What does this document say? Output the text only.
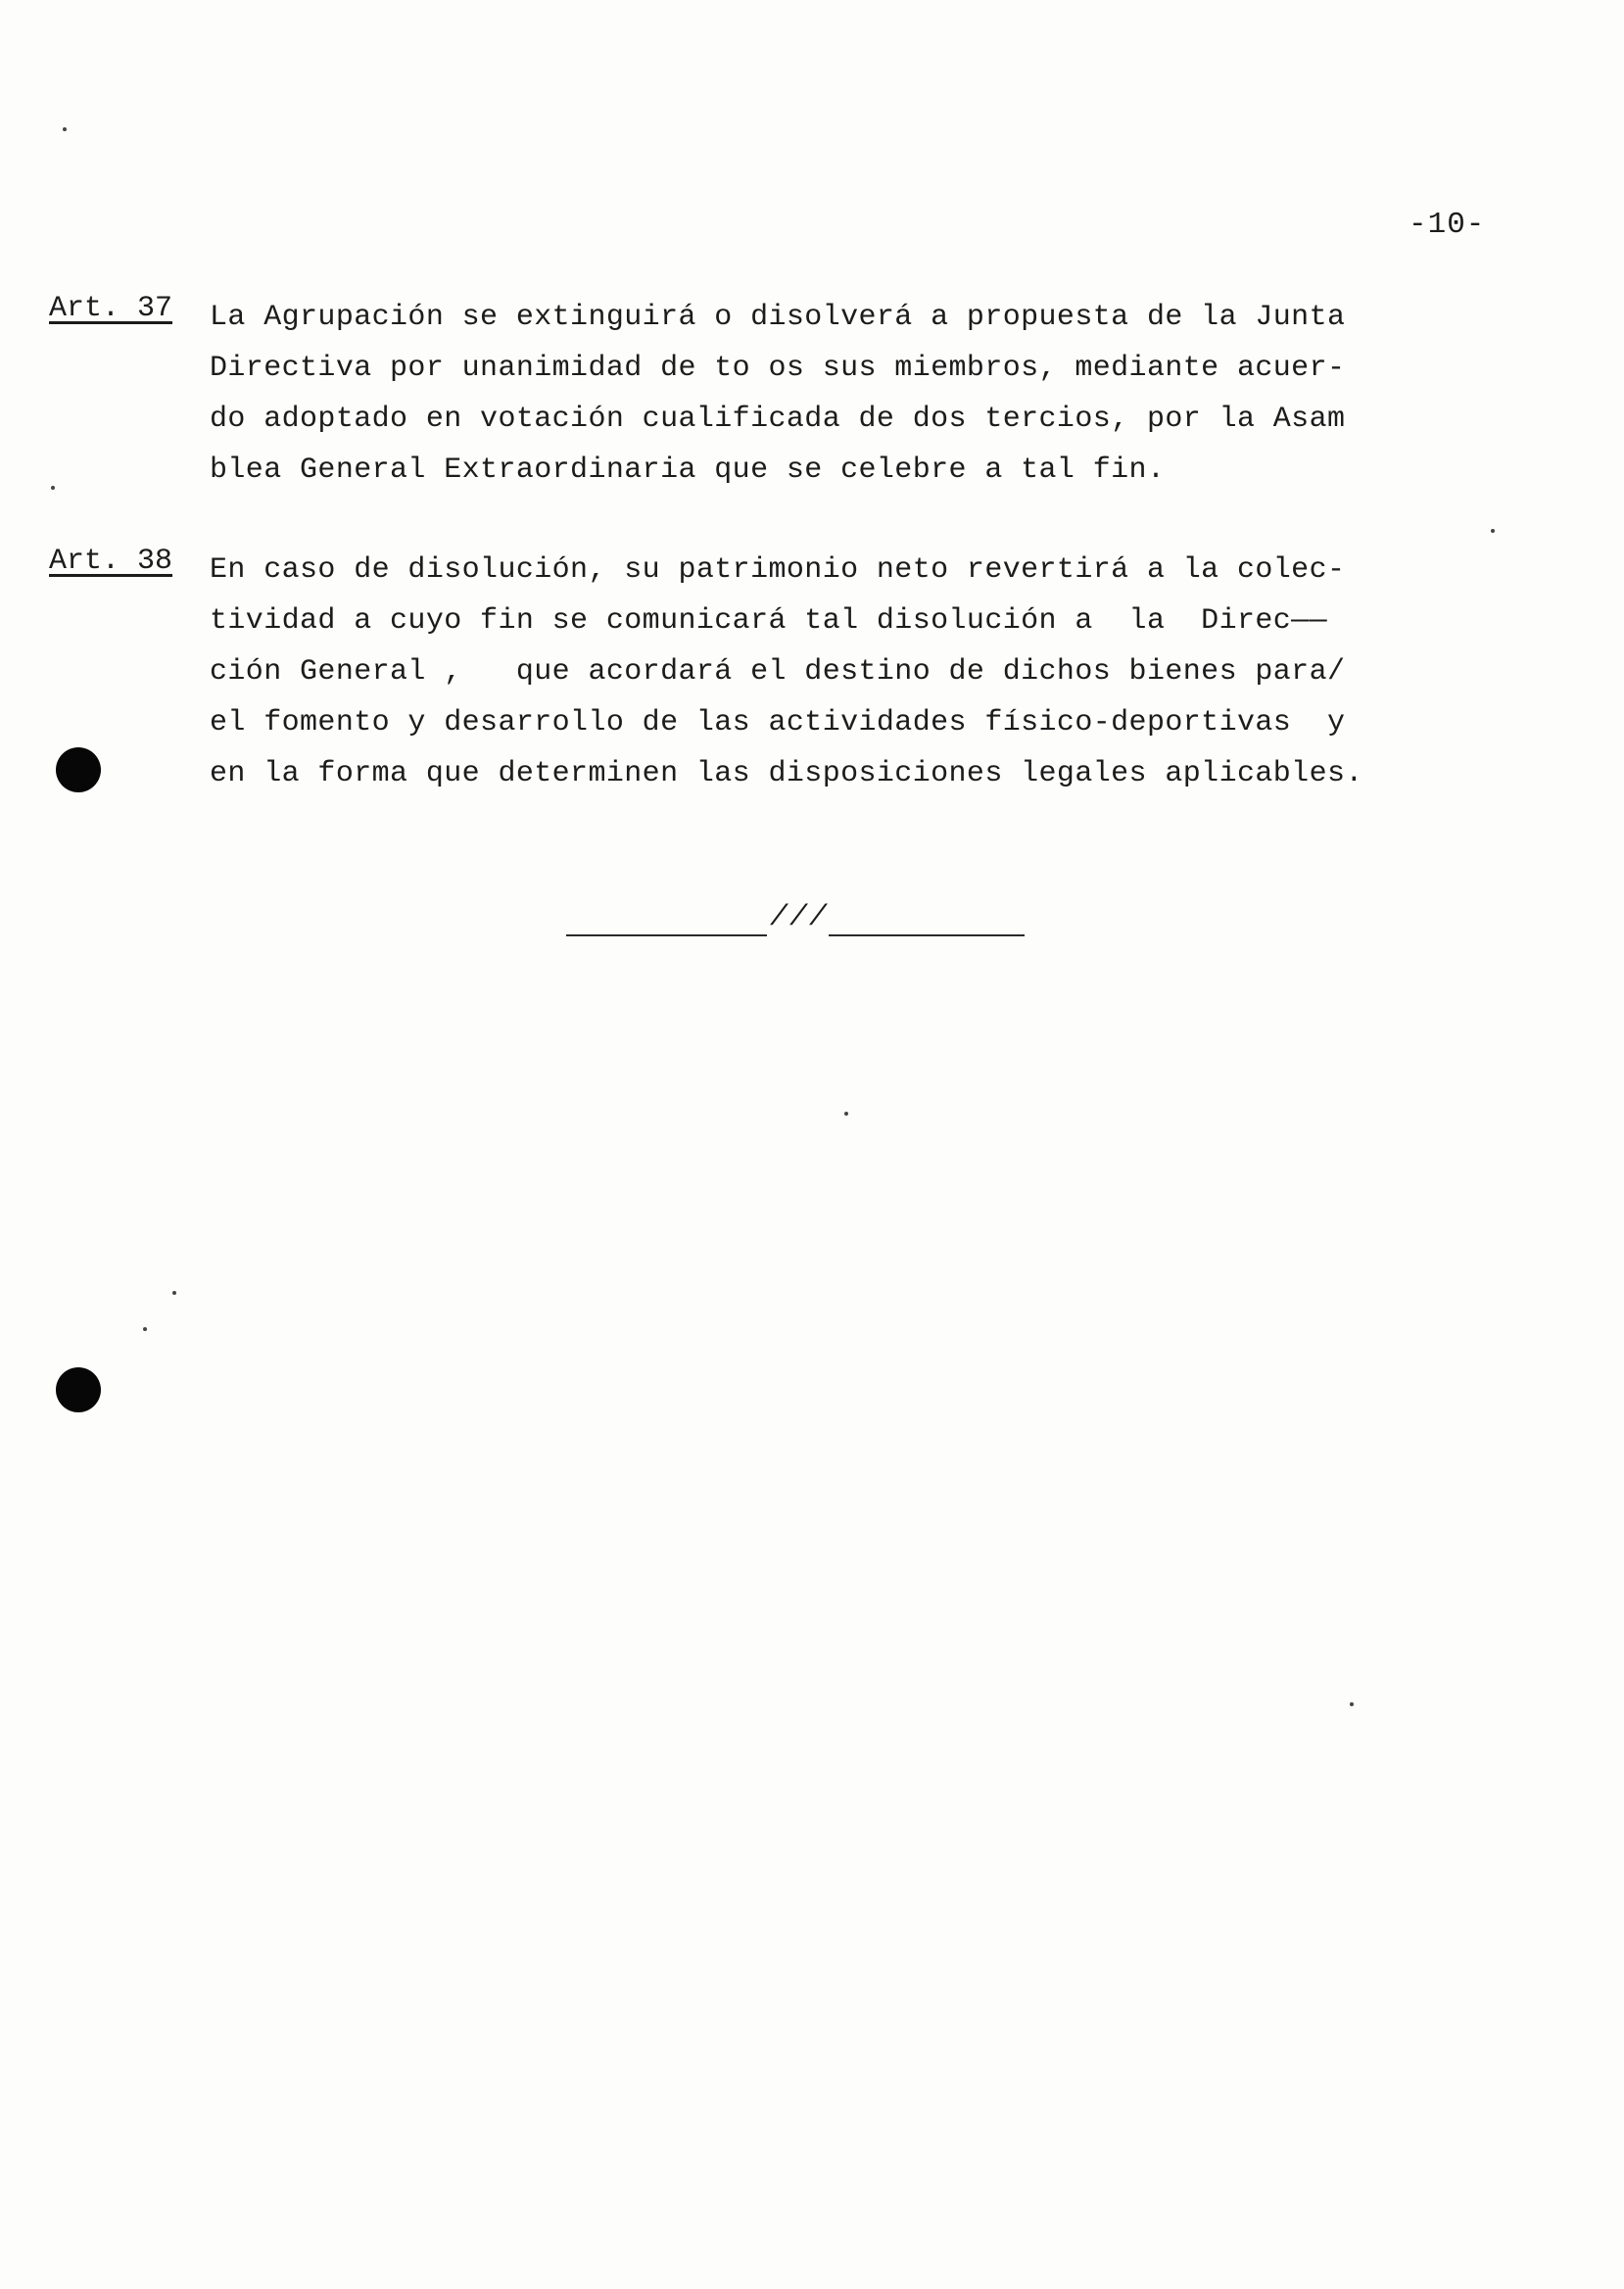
-10-
Art. 37 La Agrupación se extinguirá o disolverá a propuesta de la Junta
Directiva por unanimidad de to os sus miembros, mediante acuer-
do adoptado en votación cualificada de dos tercios, por la Asam
blea General Extraordinaria que se celebre a tal fin.
Art. 38 En caso de disolución, su patrimonio neto revertirá a la colec-
tividad a cuyo fin se comunicará tal disolución a  la  Direc——
ción General ,   que acordará el destino de dichos bienes para/
el fomento y desarrollo de las actividades físico-deportivas  y
en la forma que determinen las disposiciones legales aplicables.
///
